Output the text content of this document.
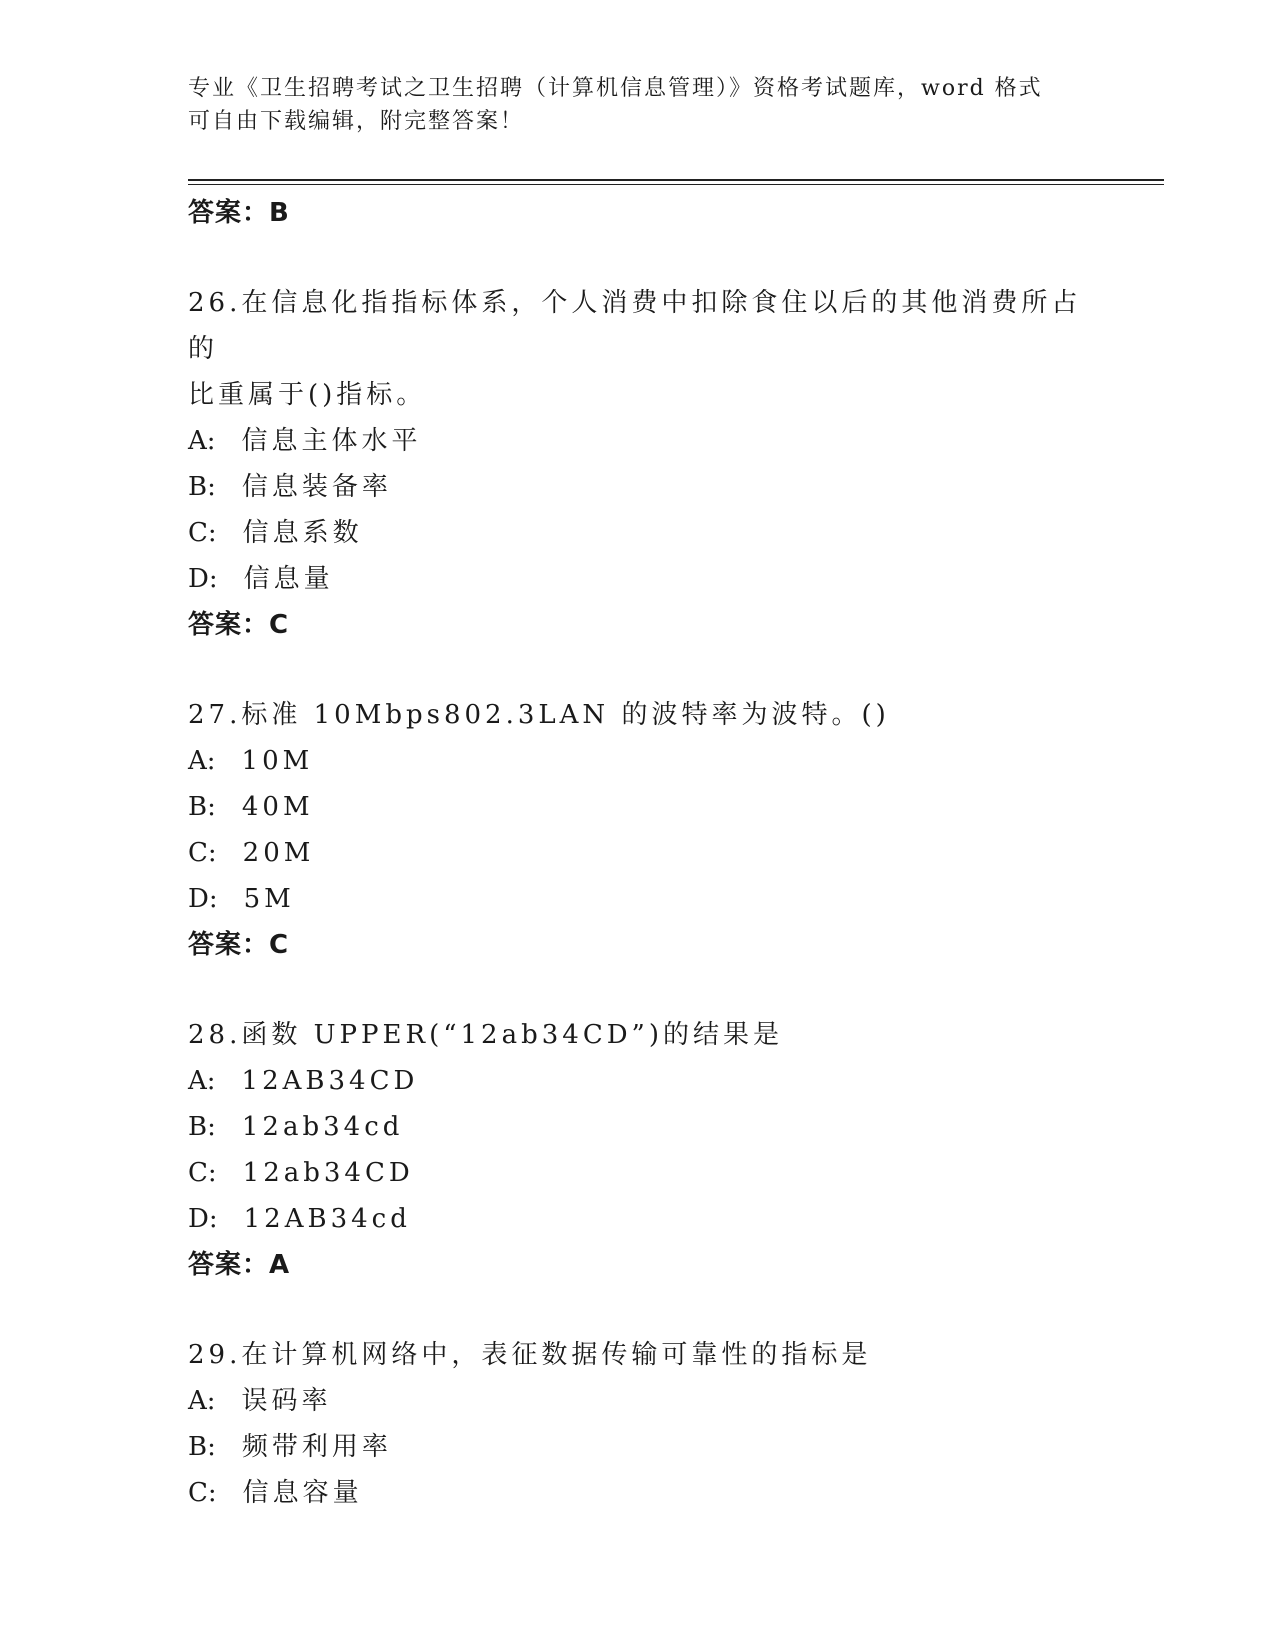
专业《卫生招聘考试之卫生招聘（计算机信息管理）》资格考试题库，word 格式
可自由下载编辑，附完整答案！
答案：B
26.在信息化指指标体系，个人消费中扣除食住以后的其他消费所占的
比重属于()指标。
A: 信息主体水平
B: 信息装备率
C: 信息系数
D: 信息量
答案：C
27.标准 10Mbps802.3LAN 的波特率为波特。()
A: 10M
B: 40M
C: 20M
D: 5M
答案：C
28.函数 UPPER(“12ab34CD”)的结果是
A: 12AB34CD
B: 12ab34cd
C: 12ab34CD
D: 12AB34cd
答案：A
29.在计算机网络中，表征数据传输可靠性的指标是
A: 误码率
B: 频带利用率
C: 信息容量
